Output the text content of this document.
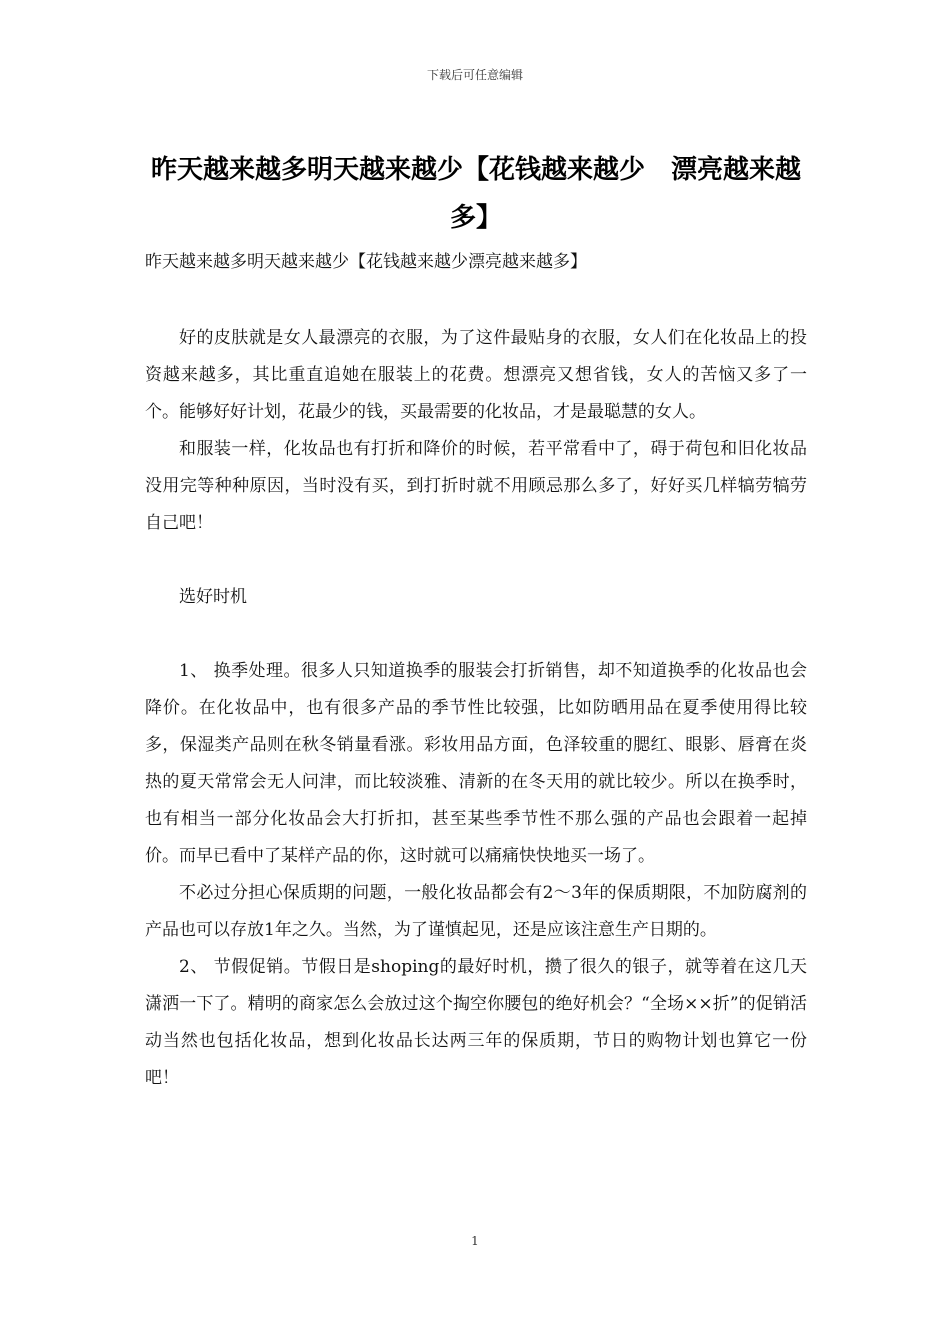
下载后可任意编辑
昨天越来越多明天越来越少【花钱越来越少　漂亮越来越多】
昨天越来越多明天越来越少【花钱越来越少漂亮越来越多】

好的皮肤就是女人最漂亮的衣服，为了这件最贴身的衣服，女人们在化妆品上的投资越来越多，其比重直追她在服装上的花费。想漂亮又想省钱，女人的苦恼又多了一个。能够好好计划，花最少的钱，买最需要的化妆品，才是最聪慧的女人。

和服装一样，化妆品也有打折和降价的时候，若平常看中了，碍于荷包和旧化妆品没用完等种种原因，当时没有买，到打折时就不用顾忌那么多了，好好买几样犒劳犒劳自己吧！

选好时机

1、 换季处理。很多人只知道换季的服装会打折销售，却不知道换季的化妆品也会降价。在化妆品中，也有很多产品的季节性比较强，比如防晒用品在夏季使用得比较多，保湿类产品则在秋冬销量看涨。彩妆用品方面，色泽较重的腮红、眼影、唇膏在炎热的夏天常常会无人问津，而比较淡雅、清新的在冬天用的就比较少。所以在换季时，也有相当一部分化妆品会大打折扣，甚至某些季节性不那么强的产品也会跟着一起掉价。而早已看中了某样产品的你，这时就可以痛痛快快地买一场了。

不必过分担心保质期的问题，一般化妆品都会有2～3年的保质期限，不加防腐剂的产品也可以存放1年之久。当然，为了谨慎起见，还是应该注意生产日期的。

2、 节假促销。节假日是shoping的最好时机，攒了很久的银子，就等着在这几天潇洒一下了。精明的商家怎么会放过这个掏空你腰包的绝好机会？“全场××折”的促销活动当然也包括化妆品，想到化妆品长达两三年的保质期，节日的购物计划也算它一份吧！

1
